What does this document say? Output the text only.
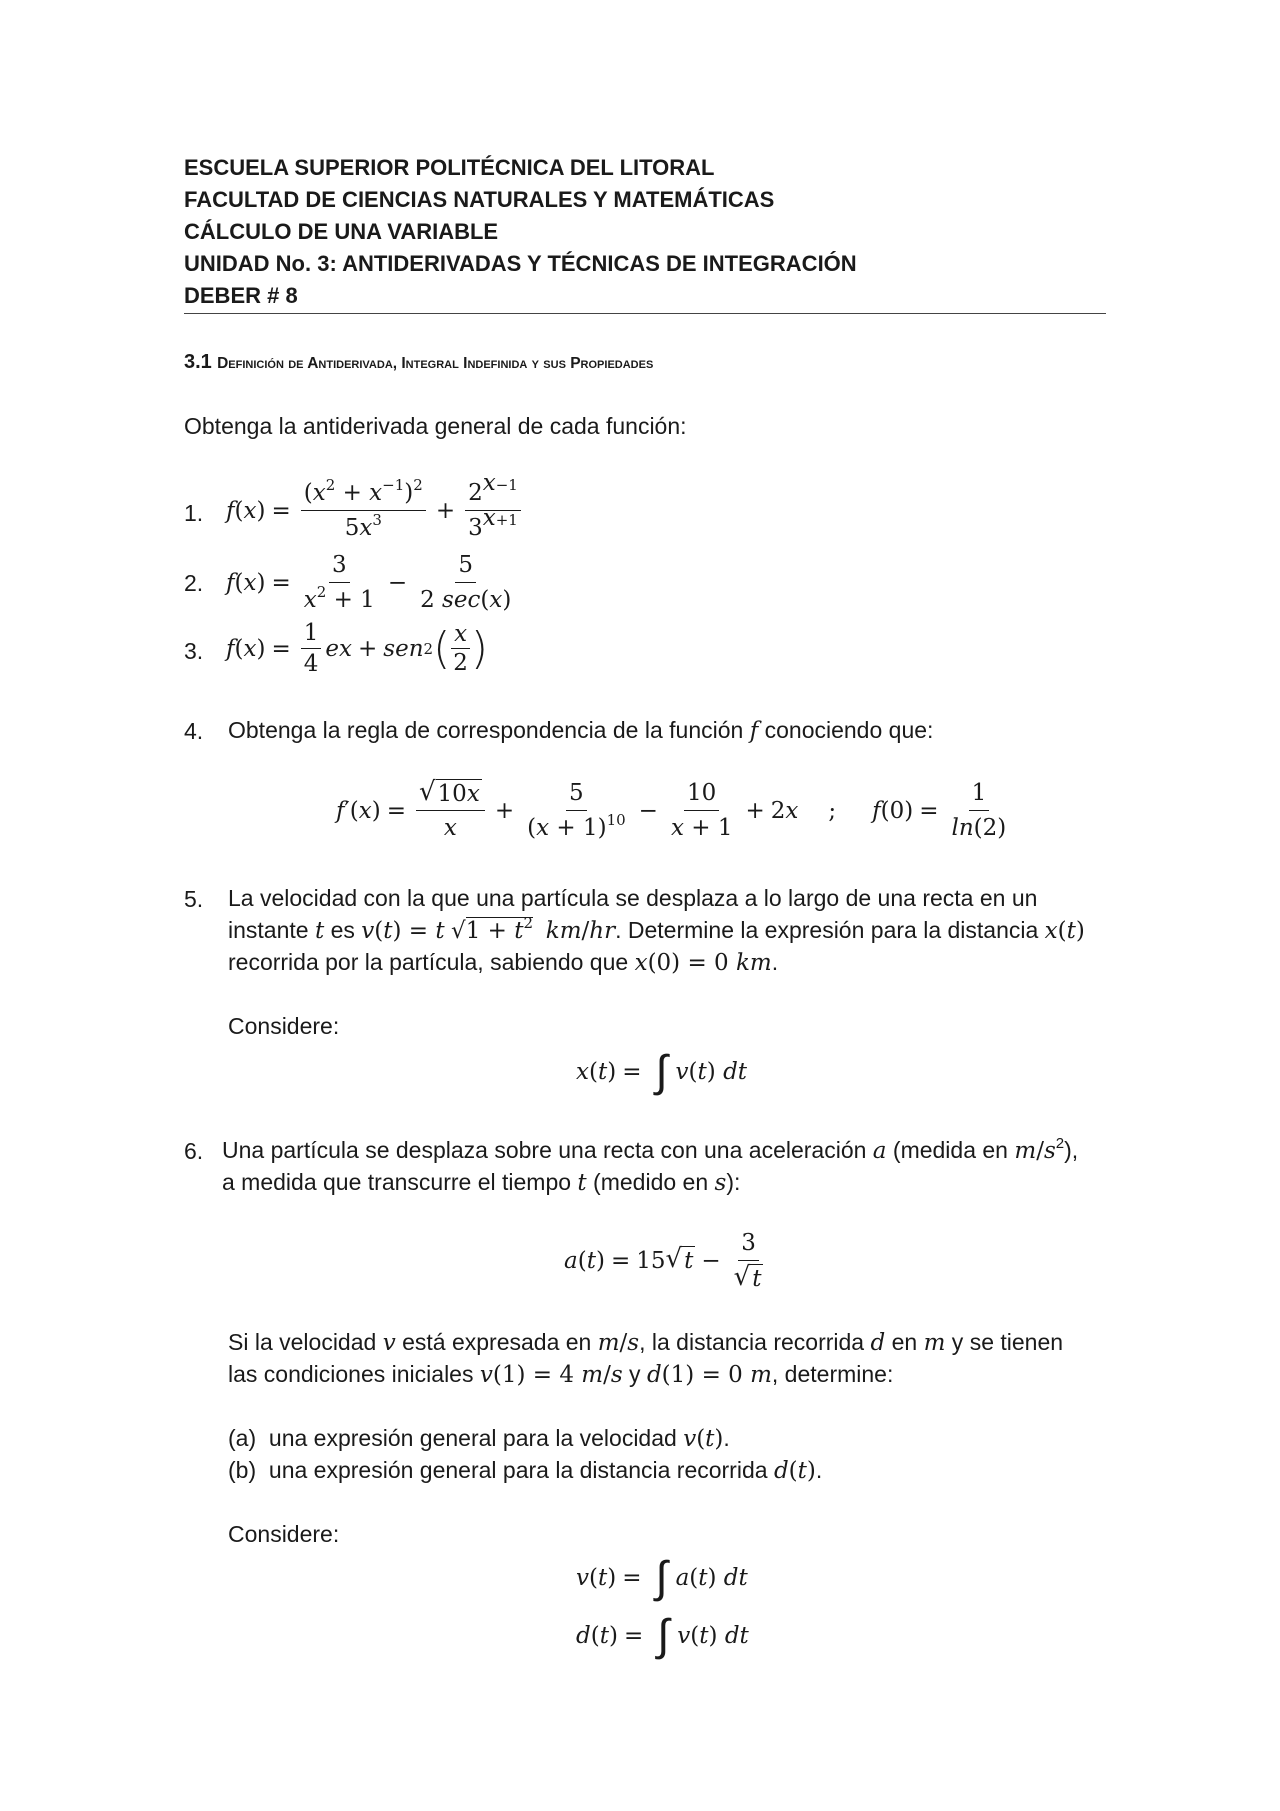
ESCUELA SUPERIOR POLITÉCNICA DEL LITORAL
FACULTAD DE CIENCIAS NATURALES Y MATEMÁTICAS
CÁLCULO DE UNA VARIABLE
UNIDAD No. 3: ANTIDERIVADAS Y TÉCNICAS DE INTEGRACIÓN
DEBER # 8
3.1 Definición de Antiderivada, Integral Indefinida y sus Propiedades
Obtenga la antiderivada general de cada función:
1. f ( x ) = $\frac{(x^2 + x^{-1})^2}{5x^3} + \frac{2^{x-1}}{3^{x+1}}$
2. f ( x ) = $\frac{3}{x^2 + 1} - \frac{5}{2 \sec(x)}$
3. f ( x ) = $\frac{1}{4}$ e x + sen 2 ( $\frac{x}{2}$ )
4. Obtenga la regla de correspondencia de la función f conociendo que:
f ′( x ) = $\frac{√ 10x}{x} + \frac{5}{(x + 1)^{10}} - \frac{10}{x + 1} + 2$ x ; f $(0) = \frac{1}{\ln(2)}$
5. La velocidad con la que una partícula se desplaza a lo largo de una recta en un
instante t es v(t) = t $√1 + t^2$ km/hr. Determine la expresión para la distancia x(t)
recorrida por la partícula, sabiendo que x(0) = 0 km.
Considere:
x ( t ) = ∫ v ( t ) dt
6. Una partícula se desplaza sobre una recta con una aceleración a (medida en $m/s^2$),
a medida que transcurre el tiempo t (medido en s):
a ( t ) = 15 √ $t - \frac{3}{√ t}$
Si la velocidad v está expresada en m/s, la distancia recorrida d en m y se tienen
las condiciones iniciales v(1) = 4 m/s y d(1) = 0 m, determine:
(a) una expresión general para la velocidad v(t).
(b) una expresión general para la distancia recorrida d(t).
Considere:
v ( t ) = ∫ a ( t ) dt
d ( t ) = ∫ v ( t ) dt
